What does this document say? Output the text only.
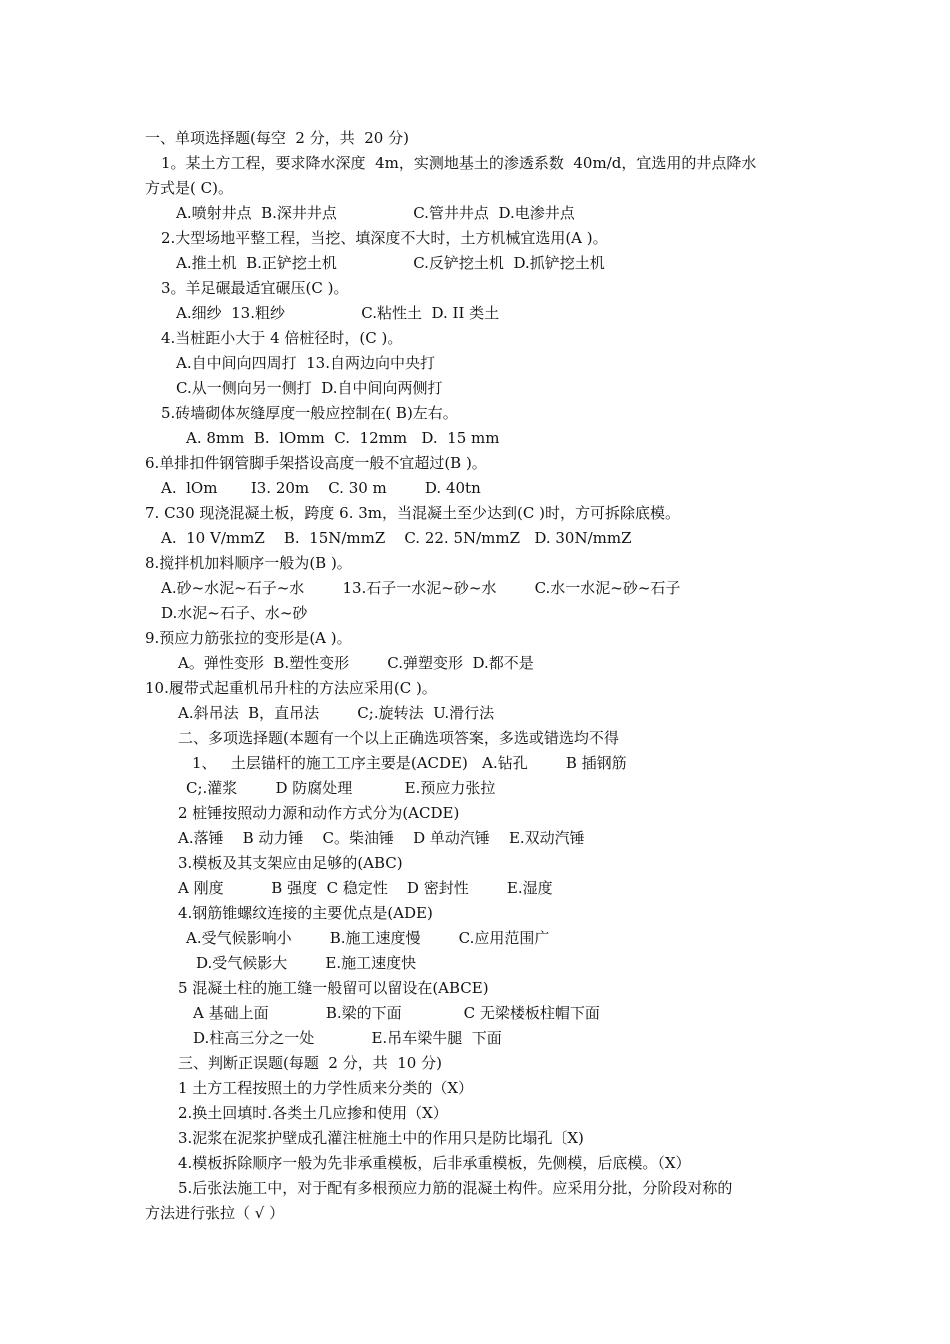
一、单项选择题(每空  2 分，共  20 分)
1。某土方工程，要求降水深度  4m，实测地基土的渗透系数  40m/d，宜选用的井点降水
方式是( C)。
A.喷射井点  B.深井井点                C.管井井点  D.电渗井点
2.大型场地平整工程，当挖、填深度不大时，土方机械宜选用(A )。
A.推土机  B.正铲挖土机                C.反铲挖土机  D.抓铲挖土机
3。羊足碾最适宜碾压(C )。
A.细纱  13.粗纱                C.粘性土  D. II 类土
4.当桩距小大于 4 倍桩径时，(C )。
A.自中间向四周打  13.自两边向中央打
C.从一侧向另一侧打  D.自中间向两侧打
5.砖墙砌体灰缝厚度一般应控制在( B)左右。
A. 8mm  B.  lOmm  C.  12mm   D.  15 mm
6.单排扣件钢管脚手架搭设高度一般不宜超过(B )。
A.  lOm       I3. 20m    C. 30 m        D. 40tn
7. C30 现浇混凝土板，跨度 6. 3m，当混凝土至少达到(C )时，方可拆除底模。
A.  10 V/mmZ    B.  15N/mmZ    C. 22. 5N/mmZ   D. 30N/mmZ
8.搅拌机加料顺序一般为(B )。
A.砂~水泥~石子~水        13.石子一水泥~砂~水        C.水一水泥~砂~石子
D.水泥~石子、水~砂
9.预应力筋张拉的变形是(A )。
A。弹性变形  B.塑性变形        C.弹塑变形  D.都不是
10.履带式起重机吊升柱的方法应采用(C )。
A.斜吊法  B，直吊法        C;.旋转法  U.滑行法
二、多项选择题(本题有一个以上正确选项答案，多选或错选均不得
1、   土层锚杆的施工工序主要是(ACDE)   A.钻孔        B 插钢筋
C;.灌浆        D 防腐处理           E.预应力张拉
2 桩锤按照动力源和动作方式分为(ACDE)
A.落锤    B 动力锤    C。柴油锤    D 单动汽锤    E.双动汽锤
3.模板及其支架应由足够的(ABC)
A 刚度          B 强度  C 稳定性    D 密封性        E.湿度
4.钢筋锥螺纹连接的主要优点是(ADE)
A.受气候影响小        B.施工速度慢        C.应用范围广
D.受气候影大        E.施工速度快
5 混凝土柱的施工缝一般留可以留设在(ABCE)
A 基础上面            B.梁的下面             C 无梁楼板柱帽下面
D.柱高三分之一处            E.吊车梁牛腿  下面
三、判断正误题(每题  2 分，共  10 分)
1 土方工程按照土的力学性质来分类的（X）
2.换土回填时.各类土几应掺和使用（X）
3.泥浆在泥浆护壁成孔灌注桩施土中的作用只是防比塌孔〔X)
4.模板拆除顺序一般为先非承重模板，后非承重模板，先侧模，后底模。（X）
5.后张法施工中，对于配有多根预应力筋的混凝土构件。应采用分批，分阶段对称的
方法进行张拉（ √ ）
